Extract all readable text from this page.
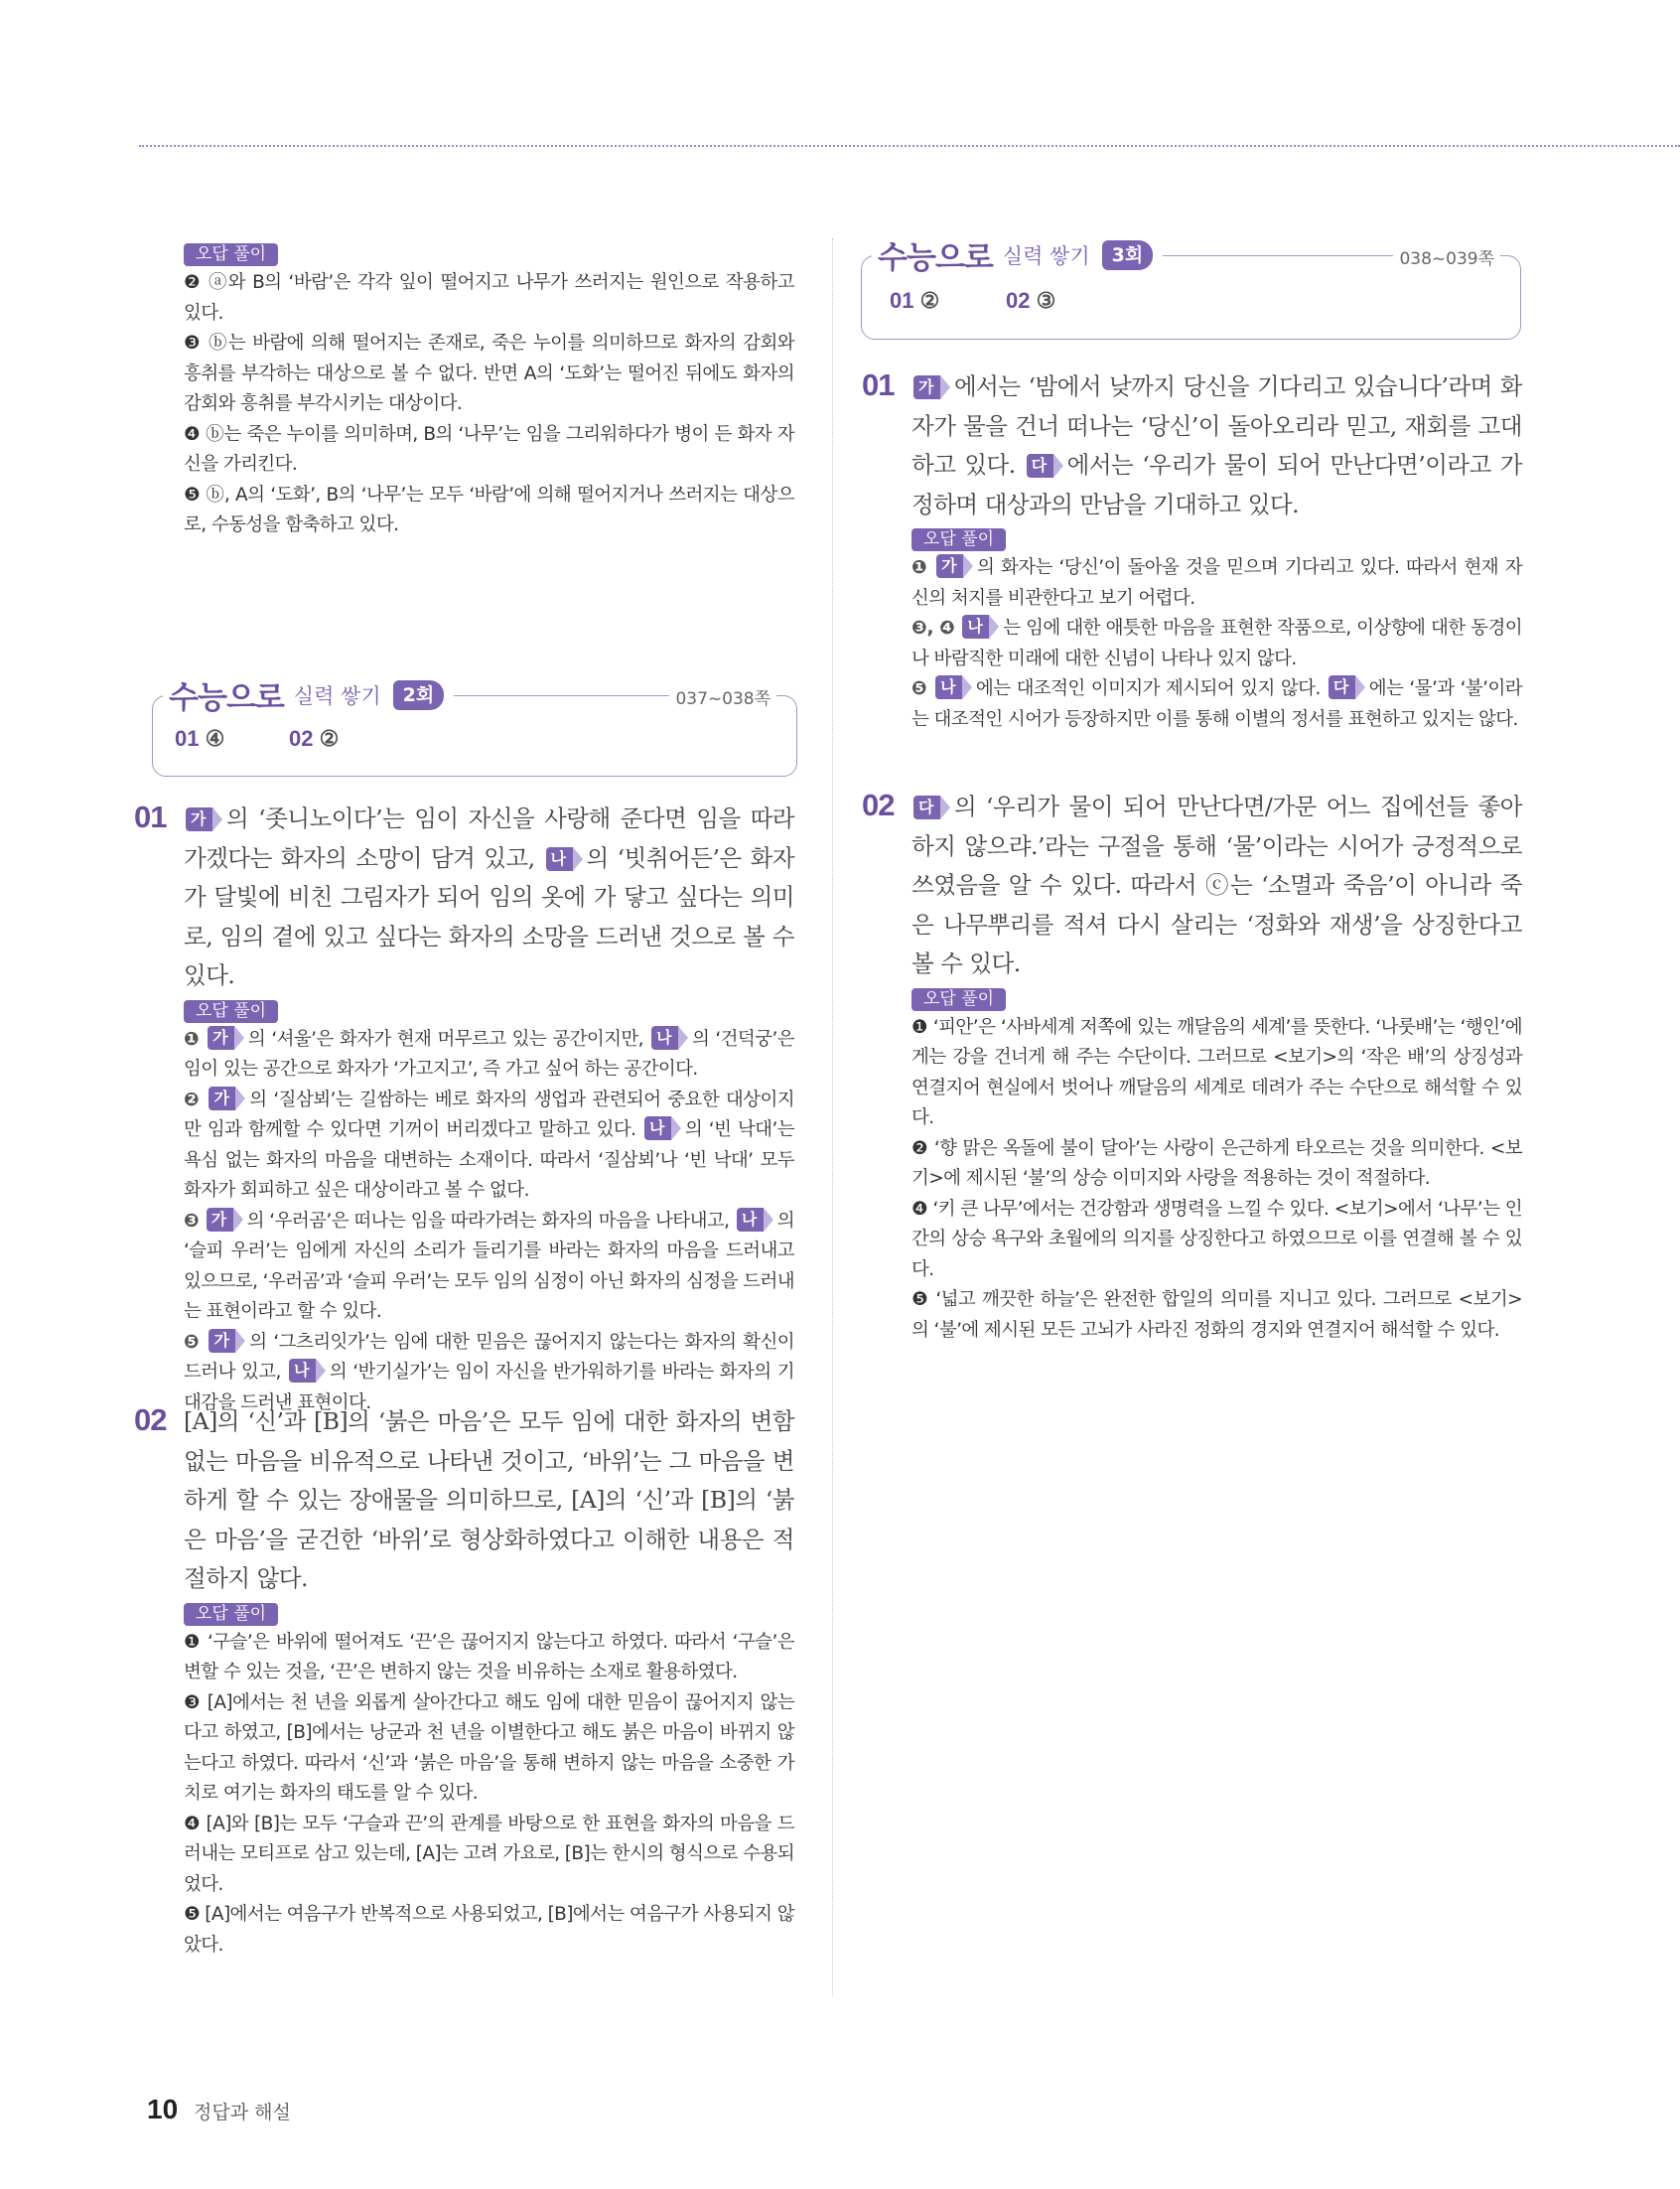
오답 풀이

❷ ⓐ와 B의 ‘바람’은 각각 잎이 떨어지고 나무가 쓰러지는 원인으로 작용하고 있다.

❸ ⓑ는 바람에 의해 떨어지는 존재로, 죽은 누이를 의미하므로 화자의 감회와 흥취를 부각하는 대상으로 볼 수 없다. 반면 A의 ‘도화’는 떨어진 뒤에도 화자의 감회와 흥취를 부각시키는 대상이다.

❹ ⓑ는 죽은 누이를 의미하며, B의 ‘나무’는 임을 그리워하다가 병이 든 화자 자신을 가리킨다.

❺ ⓑ, A의 ‘도화’, B의 ‘나무’는 모두 ‘바람’에 의해 떨어지거나 쓰러지는 대상으로, 수동성을 함축하고 있다.

수능으로 실력 쌓기	2회	037~038쪽
01 ④	02 ②
01	가 의 ‘좃니노이다’는 임이 자신을 사랑해 준다면 임을 따라가겠다는 화자의 소망이 담겨 있고, 나 의 ‘빗취어든’은 화자가 달빛에 비친 그림자가 되어 임의 옷에 가 닿고 싶다는 의미로, 임의 곁에 있고 싶다는 화자의 소망을 드러낸 것으로 볼 수 있다.

오답 풀이

❶ 가 의 ‘셔울’은 화자가 현재 머무르고 있는 공간이지만, 나 의 ‘건덕궁’은 임이 있는 공간으로 화자가 ‘가고지고’, 즉 가고 싶어 하는 공간이다.

❷ 가 의 ‘질삼뵈’는 길쌈하는 베로 화자의 생업과 관련되어 중요한 대상이지만 임과 함께할 수 있다면 기꺼이 버리겠다고 말하고 있다. 나 의 ‘빈 낙대’는 욕심 없는 화자의 마음을 대변하는 소재이다. 따라서 ‘질삼뵈’나 ‘빈 낙대’ 모두 화자가 회피하고 싶은 대상이라고 볼 수 없다.

❸ 가 의 ‘우러곰’은 떠나는 임을 따라가려는 화자의 마음을 나타내고, 나 의 ‘슬피 우러’는 임에게 자신의 소리가 들리기를 바라는 화자의 마음을 드러내고 있으므로, ‘우러곰’과 ‘슬피 우러’는 모두 임의 심정이 아닌 화자의 심정을 드러내는 표현이라고 할 수 있다.

❺ 가 의 ‘그츠리잇가’는 임에 대한 믿음은 끊어지지 않는다는 화자의 확신이 드러나 있고, 나 의 ‘반기실가’는 임이 자신을 반가워하기를 바라는 화자의 기대감을 드러낸 표현이다.

02 [A]의 ‘신’과 [B]의 ‘붉은 마음’은 모두 임에 대한 화자의 변함없는 마음을 비유적으로 나타낸 것이고, ‘바위’는 그 마음을 변하게 할 수 있는 장애물을 의미하므로, [A]의 ‘신’과 [B]의 ‘붉은 마음’을 굳건한 ‘바위’로 형상화하였다고 이해한 내용은 적절하지 않다.

오답 풀이

❶ ‘구슬’은 바위에 떨어져도 ‘끈’은 끊어지지 않는다고 하였다. 따라서 ‘구슬’은 변할 수 있는 것을, ‘끈’은 변하지 않는 것을 비유하는 소재로 활용하였다.

❸ [A]에서는 천 년을 외롭게 살아간다고 해도 임에 대한 믿음이 끊어지지 않는다고 하였고, [B]에서는 낭군과 천 년을 이별한다고 해도 붉은 마음이 바뀌지 않는다고 하였다. 따라서 ‘신’과 ‘붉은 마음’을 통해 변하지 않는 마음을 소중한 가치로 여기는 화자의 태도를 알 수 있다.

❹ [A]와 [B]는 모두 ‘구슬과 끈’의 관계를 바탕으로 한 표현을 화자의 마음을 드러내는 모티프로 삼고 있는데, [A]는 고려 가요로, [B]는 한시의 형식으로 수용되었다.

❺ [A]에서는 여음구가 반복적으로 사용되었고, [B]에서는 여음구가 사용되지 않았다.

수능으로 실력 쌓기	3회	038~039쪽
01 ②	02 ③
01	가 에서는 ‘밤에서 낮까지 당신을 기다리고 있습니다’라며 화자가 물을 건너 떠나는 ‘당신’이 돌아오리라 믿고, 재회를 고대하고 있다. 다 에서는 ‘우리가 물이 되어 만난다면’이라고 가정하며 대상과의 만남을 기대하고 있다.

오답 풀이

❶ 가 의 화자는 ‘당신’이 돌아올 것을 믿으며 기다리고 있다. 따라서 현재 자신의 처지를 비관한다고 보기 어렵다.

❸, ❹ 나 는 임에 대한 애틋한 마음을 표현한 작품으로, 이상향에 대한 동경이나 바람직한 미래에 대한 신념이 나타나 있지 않다.

❺ 나 에는 대조적인 이미지가 제시되어 있지 않다. 다 에는 ‘물’과 ‘불’이라는 대조적인 시어가 등장하지만 이를 통해 이별의 정서를 표현하고 있지는 않다.

02	다 의 ‘우리가 물이 되어 만난다면/가문 어느 집에선들 좋아하지 않으랴.’라는 구절을 통해 ‘물’이라는 시어가 긍정적으로 쓰였음을 알 수 있다. 따라서 ⓒ는 ‘소멸과 죽음’이 아니라 죽은 나무뿌리를 적셔 다시 살리는 ‘정화와 재생’을 상징한다고 볼 수 있다.

오답 풀이

❶ ‘피안’은 ‘사바세계 저쪽에 있는 깨달음의 세계’를 뜻한다. ‘나룻배’는 ‘행인’에게는 강을 건너게 해 주는 수단이다. 그러므로 <보기>의 ‘작은 배’의 상징성과 연결지어 현실에서 벗어나 깨달음의 세계로 데려가 주는 수단으로 해석할 수 있다.

❷ ‘향 맑은 옥돌에 불이 달아’는 사랑이 은근하게 타오르는 것을 의미한다. <보기>에 제시된 ‘불’의 상승 이미지와 사랑을 적용하는 것이 적절하다.

❹ ‘키 큰 나무’에서는 건강함과 생명력을 느낄 수 있다. <보기>에서 ‘나무’는 인간의 상승 욕구와 초월에의 의지를 상징한다고 하였으므로 이를 연결해 볼 수 있다.

❺ ‘넓고 깨끗한 하늘’은 완전한 합일의 의미를 지니고 있다. 그러므로 <보기>의 ‘불’에 제시된 모든 고뇌가 사라진 정화의 경지와 연결지어 해석할 수 있다.

10 정답과 해설
